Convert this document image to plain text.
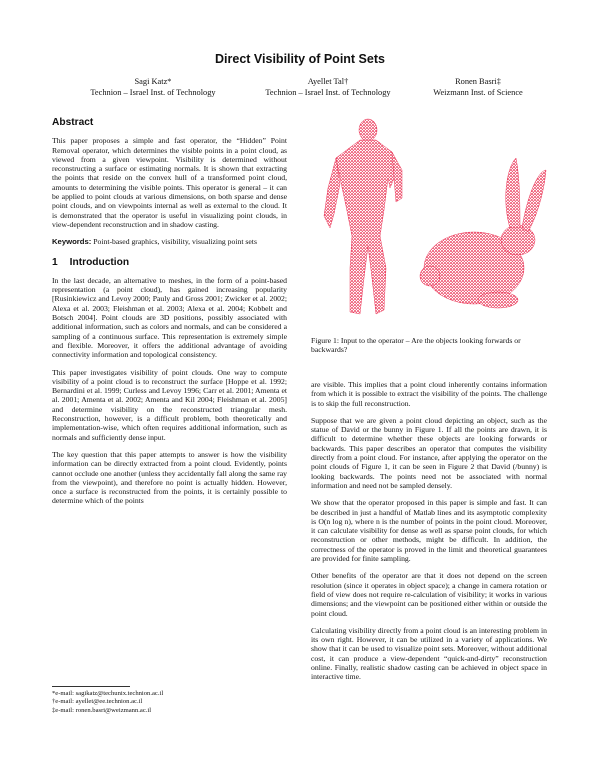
Direct Visibility of Point Sets
Sagi Katz*
Technion – Israel Inst. of Technology
Ayellet Tal†
Technion – Israel Inst. of Technology
Ronen Basri‡
Weizmann Inst. of Science
Abstract

This paper proposes a simple and fast operator, the “Hidden” Point Removal operator, which determines the visible points in a point cloud, as viewed from a given viewpoint. Visibility is determined without reconstructing a surface or estimating normals. It is shown that extracting the points that reside on the convex hull of a transformed point cloud, amounts to determining the visible points. This operator is general – it can be applied to point clouds at various dimensions, on both sparse and dense point clouds, and on viewpoints internal as well as external to the cloud. It is demonstrated that the operator is useful in visualizing point clouds, in view-dependent reconstruction and in shadow casting.

Keywords: Point-based graphics, visibility, visualizing point sets

1 Introduction

In the last decade, an alternative to meshes, in the form of a point-based representation (a point cloud), has gained increasing popularity [Rusinkiewicz and Levoy 2000; Pauly and Gross 2001; Zwicker et al. 2002; Alexa et al. 2003; Fleishman et al. 2003; Alexa et al. 2004; Kobbelt and Botsch 2004]. Point clouds are 3D positions, possibly associated with additional information, such as colors and normals, and can be considered a sampling of a continuous surface. This representation is extremely simple and flexible. Moreover, it offers the additional advantage of avoiding connectivity information and topological consistency.

This paper investigates visibility of point clouds. One way to compute visibility of a point cloud is to reconstruct the surface [Hoppe et al. 1992; Bernardini et al. 1999; Curless and Levoy 1996; Carr et al. 2001; Amenta et al. 2001; Amenta et al. 2002; Amenta and Kil 2004; Fleishman et al. 2005] and determine visibility on the reconstructed triangular mesh. Reconstruction, however, is a difficult problem, both theoretically and implementation-wise, which often requires additional information, such as normals and sufficiently dense input.

The key question that this paper attempts to answer is how the visibility information can be directly extracted from a point cloud. Evidently, points cannot occlude one another (unless they accidentally fall along the same ray from the viewpoint), and therefore no point is actually hidden. However, once a surface is reconstructed from the points, it is certainly possible to determine which of the points

*e-mail: sagikatz@techunix.technion.ac.il
†e-mail: ayellet@ee.technion.ac.il
‡e-mail: ronen.basri@weizmann.ac.il
Figure 1: Input to the operator – Are the objects looking forwards or backwards?

are visible. This implies that a point cloud inherently contains information from which it is possible to extract the visibility of the points. The challenge is to skip the full reconstruction.

Suppose that we are given a point cloud depicting an object, such as the statue of David or the bunny in Figure 1. If all the points are drawn, it is difficult to determine whether these objects are looking forwards or backwards. This paper describes an operator that computes the visibility directly from a point cloud. For instance, after applying the operator on the point clouds of Figure 1, it can be seen in Figure 2 that David (/bunny) is looking backwards. The points need not be associated with normal information and need not be sampled densely.

We show that the operator proposed in this paper is simple and fast. It can be described in just a handful of Matlab lines and its asymptotic complexity is O(n log n), where n is the number of points in the point cloud. Moreover, it can calculate visibility for dense as well as sparse point clouds, for which reconstruction or other methods, might be difficult. In addition, the correctness of the operator is proved in the limit and theoretical guarantees are provided for finite sampling.

Other benefits of the operator are that it does not depend on the screen resolution (since it operates in object space); a change in camera rotation or field of view does not require re-calculation of visibility; it works in various dimensions; and the viewpoint can be positioned either within or outside the point cloud.

Calculating visibility directly from a point cloud is an interesting problem in its own right. However, it can be utilized in a variety of applications. We show that it can be used to visualize point sets. Moreover, without additional cost, it can produce a view-dependent “quick-and-dirty” reconstruction online. Finally, realistic shadow casting can be achieved in object space in interactive time.
